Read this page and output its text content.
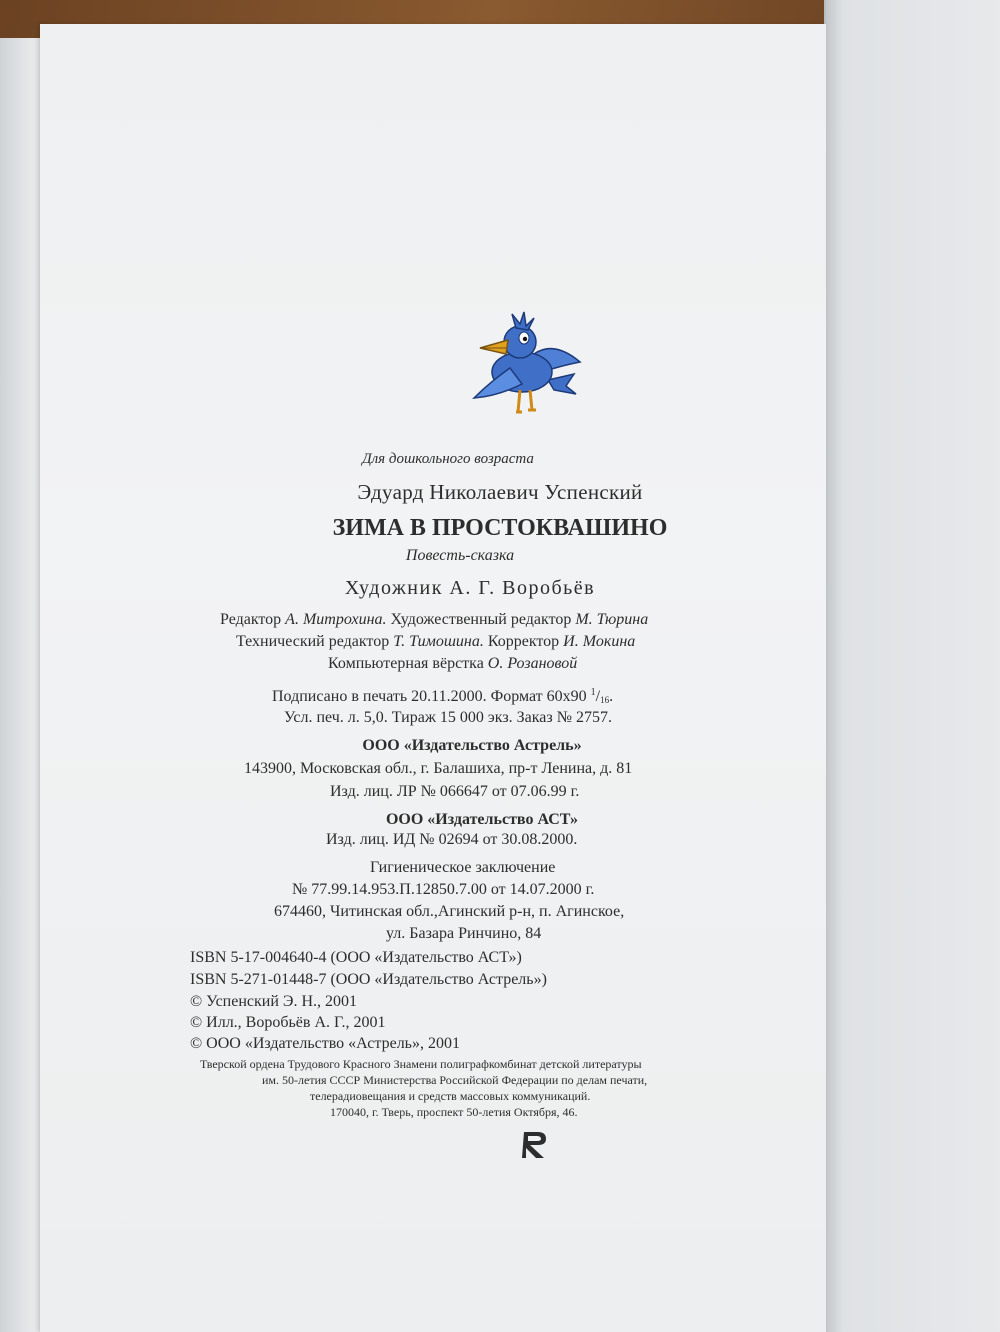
Для дошкольного возраста
Эдуард Николаевич Успенский
ЗИМА В ПРОСТОКВАШИНО
Повесть-сказка
Художник А. Г. Воробьёв
Редактор А. Митрохина. Художественный редактор М. Тюрина
Технический редактор Т. Тимошина. Корректор И. Мокина
Компьютерная вёрстка О. Розановой
Подписано в печать 20.11.2000. Формат 60х90 $^1/_{16}$.
Усл. печ. л. 5,0. Тираж 15 000 экз. Заказ № 2757.
ООО «Издательство Астрель»
143900, Московская обл., г. Балашиха, пр-т Ленина, д. 81
Изд. лиц. ЛР № 066647 от 07.06.99 г.
ООО «Издательство АСТ»
Изд. лиц. ИД № 02694 от 30.08.2000.
Гигиеническое заключение
№ 77.99.14.953.П.12850.7.00 от 14.07.2000 г.
674460, Читинская обл.,Агинский р-н, п. Агинское,
ул. Базара Ринчино, 84
ISBN 5-17-004640-4 (ООО «Издательство АСТ»)
ISBN 5-271-01448-7 (ООО «Издательство Астрель»)
© Успенский Э. Н., 2001
© Илл., Воробьёв А. Г., 2001
© ООО «Издательство «Астрель», 2001
Тверской ордена Трудового Красного Знамени полиграфкомбинат детской литературы
им. 50-летия СССР Министерства Российской Федерации по делам печати,
телерадиовещания и средств массовых коммуникаций.
170040, г. Тверь, проспект 50-летия Октября, 46.
